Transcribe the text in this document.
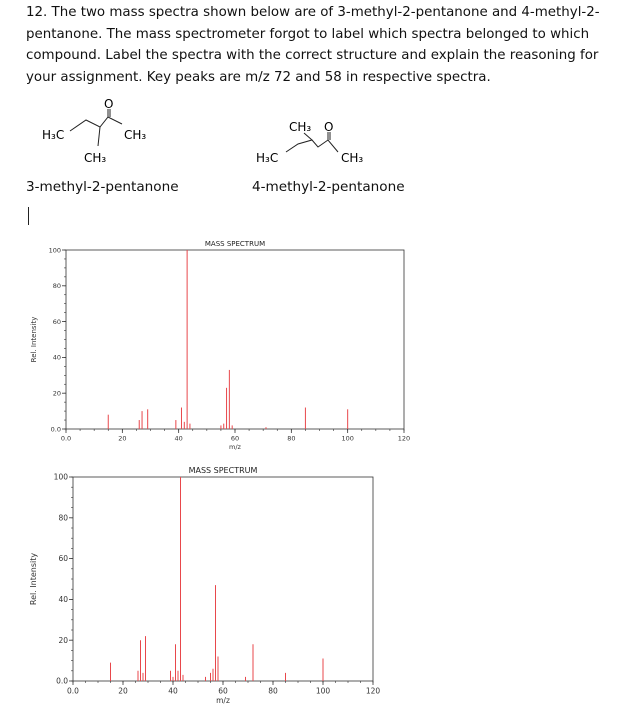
12. The two mass spectra shown below are of 3-methyl-2-pentanone and 4-methyl-2-pentanone. The mass spectrometer forgot to label which spectra belonged to which compound. Label the spectra with the correct structure and explain the reasoning for your assignment. Key peaks are m/z 72 and 58 in respective spectra.
H₃C	CH₃
CH₃
O
H₃C	CH₃
CH₃ O
3-methyl-2-pentanone	4-methyl-2-pentanone
MASS SPECTRUM
Rel. Intensity
m/z
0.0	20	40	60	80	100	120
0.0
20
40
60
80
100
MASS SPECTRUM
Rel. Intensity
m/z
0.0	20	40	60	80	100	120
0.0
20
40
60
80
100
